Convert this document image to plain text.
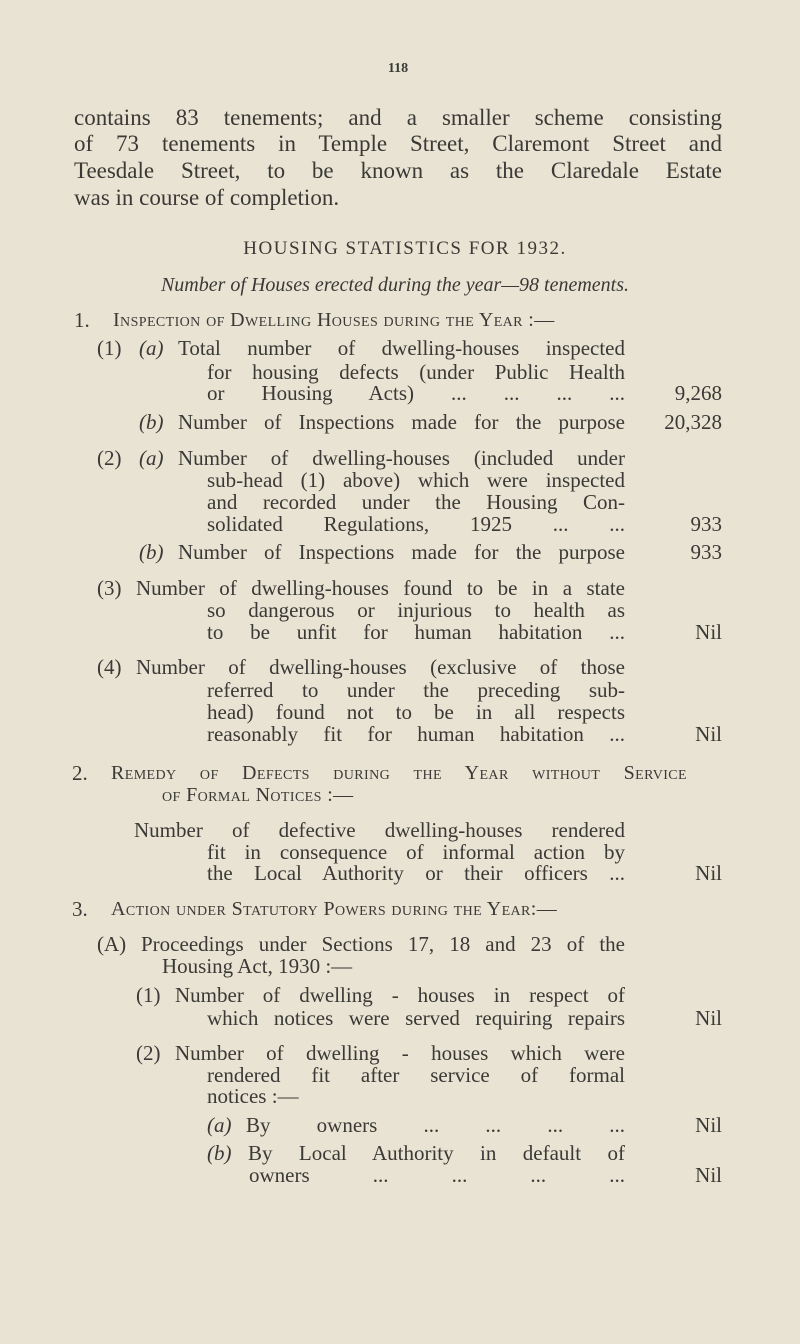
118
contains 83 tenements; and a smaller scheme consisting
of 73 tenements in Temple Street, Claremont Street and
Teesdale Street, to be known as the Claredale Estate
was in course of completion.
HOUSING STATISTICS FOR 1932.
Number of Houses erected during the year—98 tenements.
1. Inspection of Dwelling Houses during the Year :—
(1) (a) Total number of dwelling-houses inspected
for housing defects (under Public Health
or Housing Acts) ... ... ... ...	9,268
(b) Number of Inspections made for the purpose	20,328
(2) (a) Number of dwelling-houses (included under
sub-head (1) above) which were inspected
and recorded under the Housing Con-
solidated Regulations, 1925 ... ...	933
(b) Number of Inspections made for the purpose	933
(3) Number of dwelling-houses found to be in a state
so dangerous or injurious to health as
to be unfit for human habitation ...	Nil
(4) Number of dwelling-houses (exclusive of those
referred to under the preceding sub-
head) found not to be in all respects
reasonably fit for human habitation ...	Nil
2. Remedy of Defects during the Year without Service
of Formal Notices :—
Number of defective dwelling-houses rendered
fit in consequence of informal action by
the Local Authority or their officers ...	Nil
3. Action under Statutory Powers during the Year:—
(A) Proceedings under Sections 17, 18 and 23 of the
Housing Act, 1930 :—
(1) Number of dwelling - houses in respect of
which notices were served requiring repairs	Nil
(2) Number of dwelling - houses which were
rendered fit after service of formal
notices :—
(a) By owners ... ... ... ...	Nil
(b) By Local Authority in default of
owners ... ... ... ...	Nil
